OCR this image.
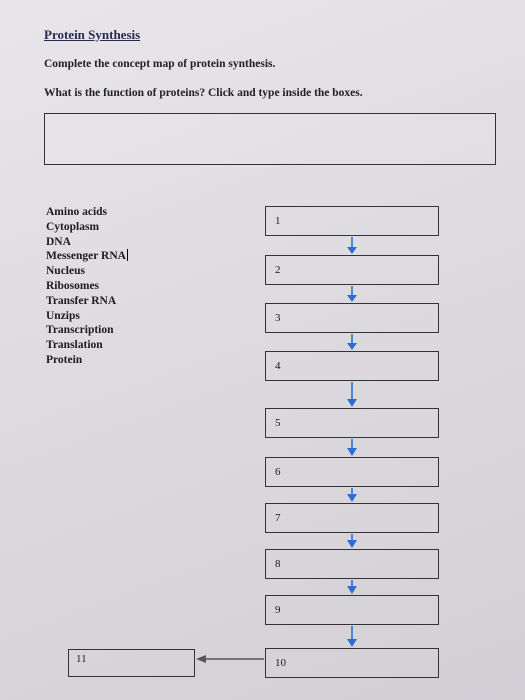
Protein Synthesis
Complete the concept map of protein synthesis.
What is the function of proteins? Click and type inside the boxes.
Amino acids
Cytoplasm
DNA
Messenger RNA
Nucleus
Ribosomes
Transfer RNA
Unzips
Transcription
Translation
Protein
1
2
3
4
5
6
7
8
9
10
11
